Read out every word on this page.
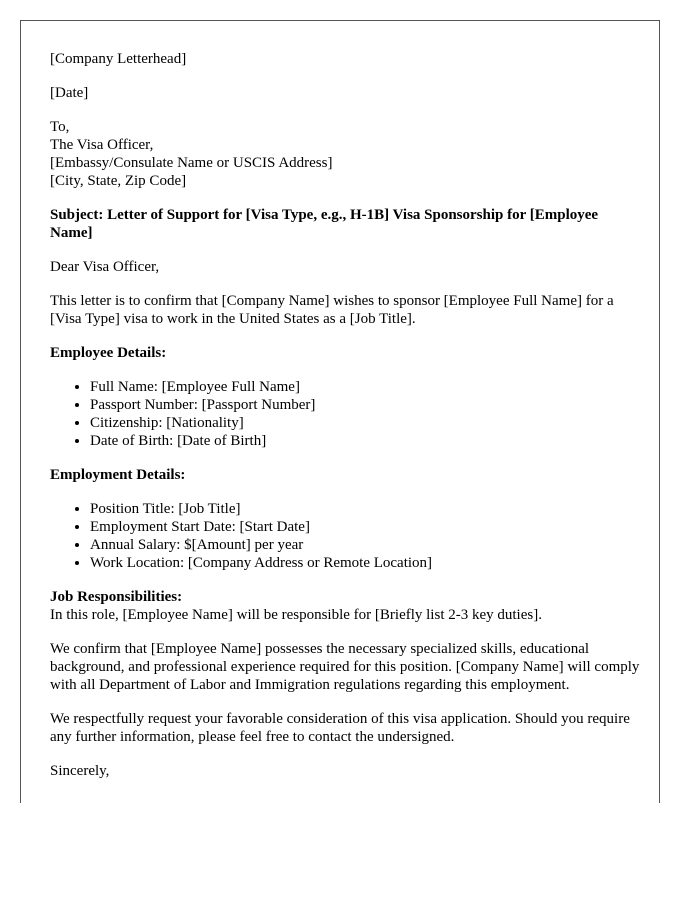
[Company Letterhead]

[Date]

To,
The Visa Officer,
[Embassy/Consulate Name or USCIS Address]
[City, State, Zip Code]

Subject: Letter of Support for [Visa Type, e.g., H-1B] Visa Sponsorship for [Employee Name]

Dear Visa Officer,

This letter is to confirm that [Company Name] wishes to sponsor [Employee Full Name] for a [Visa Type] visa to work in the United States as a [Job Title].

Employee Details:

• Full Name: [Employee Full Name]
• Passport Number: [Passport Number]
• Citizenship: [Nationality]
• Date of Birth: [Date of Birth]

Employment Details:

• Position Title: [Job Title]
• Employment Start Date: [Start Date]
• Annual Salary: $[Amount] per year
• Work Location: [Company Address or Remote Location]

Job Responsibilities:
In this role, [Employee Name] will be responsible for [Briefly list 2-3 key duties].

We confirm that [Employee Name] possesses the necessary specialized skills, educational background, and professional experience required for this position. [Company Name] will comply with all Department of Labor and Immigration regulations regarding this employment.

We respectfully request your favorable consideration of this visa application. Should you require any further information, please feel free to contact the undersigned.

Sincerely,
